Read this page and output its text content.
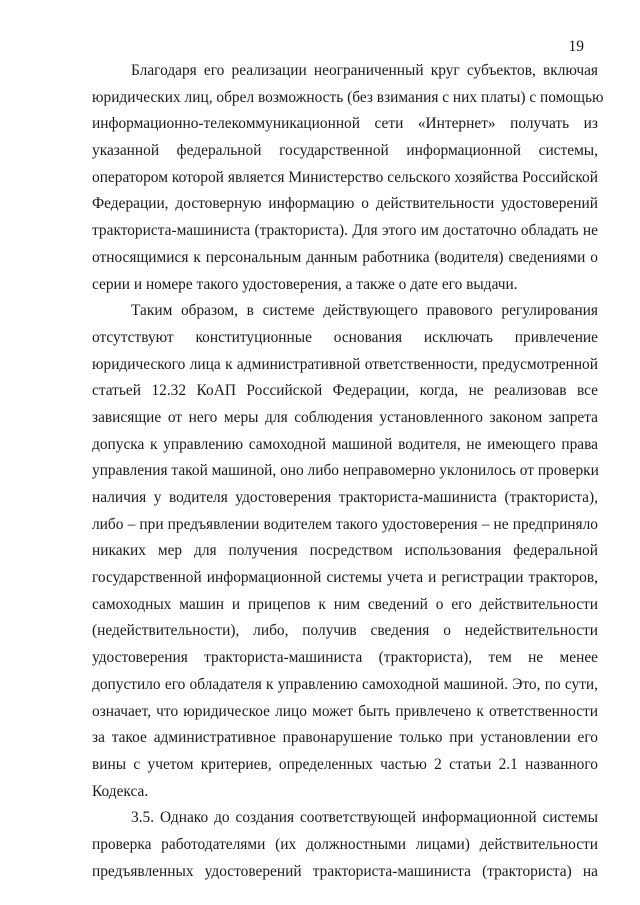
19
Благодаря его реализации неограниченный круг субъектов, включая
юридических лиц, обрел возможность (без взимания с них платы) с помощью
информационно-телекоммуникационной сети «Интернет» получать из
указанной федеральной государственной информационной системы,
оператором которой является Министерство сельского хозяйства Российской
Федерации, достоверную информацию о действительности удостоверений
тракториста-машиниста (тракториста). Для этого им достаточно обладать не
относящимися к персональным данным работника (водителя) сведениями о
серии и номере такого удостоверения, а также о дате его выдачи.
Таким образом, в системе действующего правового регулирования
отсутствуют конституционные основания исключать привлечение
юридического лица к административной ответственности, предусмотренной
статьей 12.32 КоАП Российской Федерации, когда, не реализовав все
зависящие от него меры для соблюдения установленного законом запрета
допуска к управлению самоходной машиной водителя, не имеющего права
управления такой машиной, оно либо неправомерно уклонилось от проверки
наличия у водителя удостоверения тракториста-машиниста (тракториста),
либо – при предъявлении водителем такого удостоверения – не предприняло
никаких мер для получения посредством использования федеральной
государственной информационной системы учета и регистрации тракторов,
самоходных машин и прицепов к ним сведений о его действительности
(недействительности), либо, получив сведения о недействительности
удостоверения тракториста-машиниста (тракториста), тем не менее
допустило его обладателя к управлению самоходной машиной. Это, по сути,
означает, что юридическое лицо может быть привлечено к ответственности
за такое административное правонарушение только при установлении его
вины с учетом критериев, определенных частью 2 статьи 2.1 названного
Кодекса.
3.5. Однако до создания соответствующей информационной системы
проверка работодателями (их должностными лицами) действительности
предъявленных удостоверений тракториста-машиниста (тракториста) на
